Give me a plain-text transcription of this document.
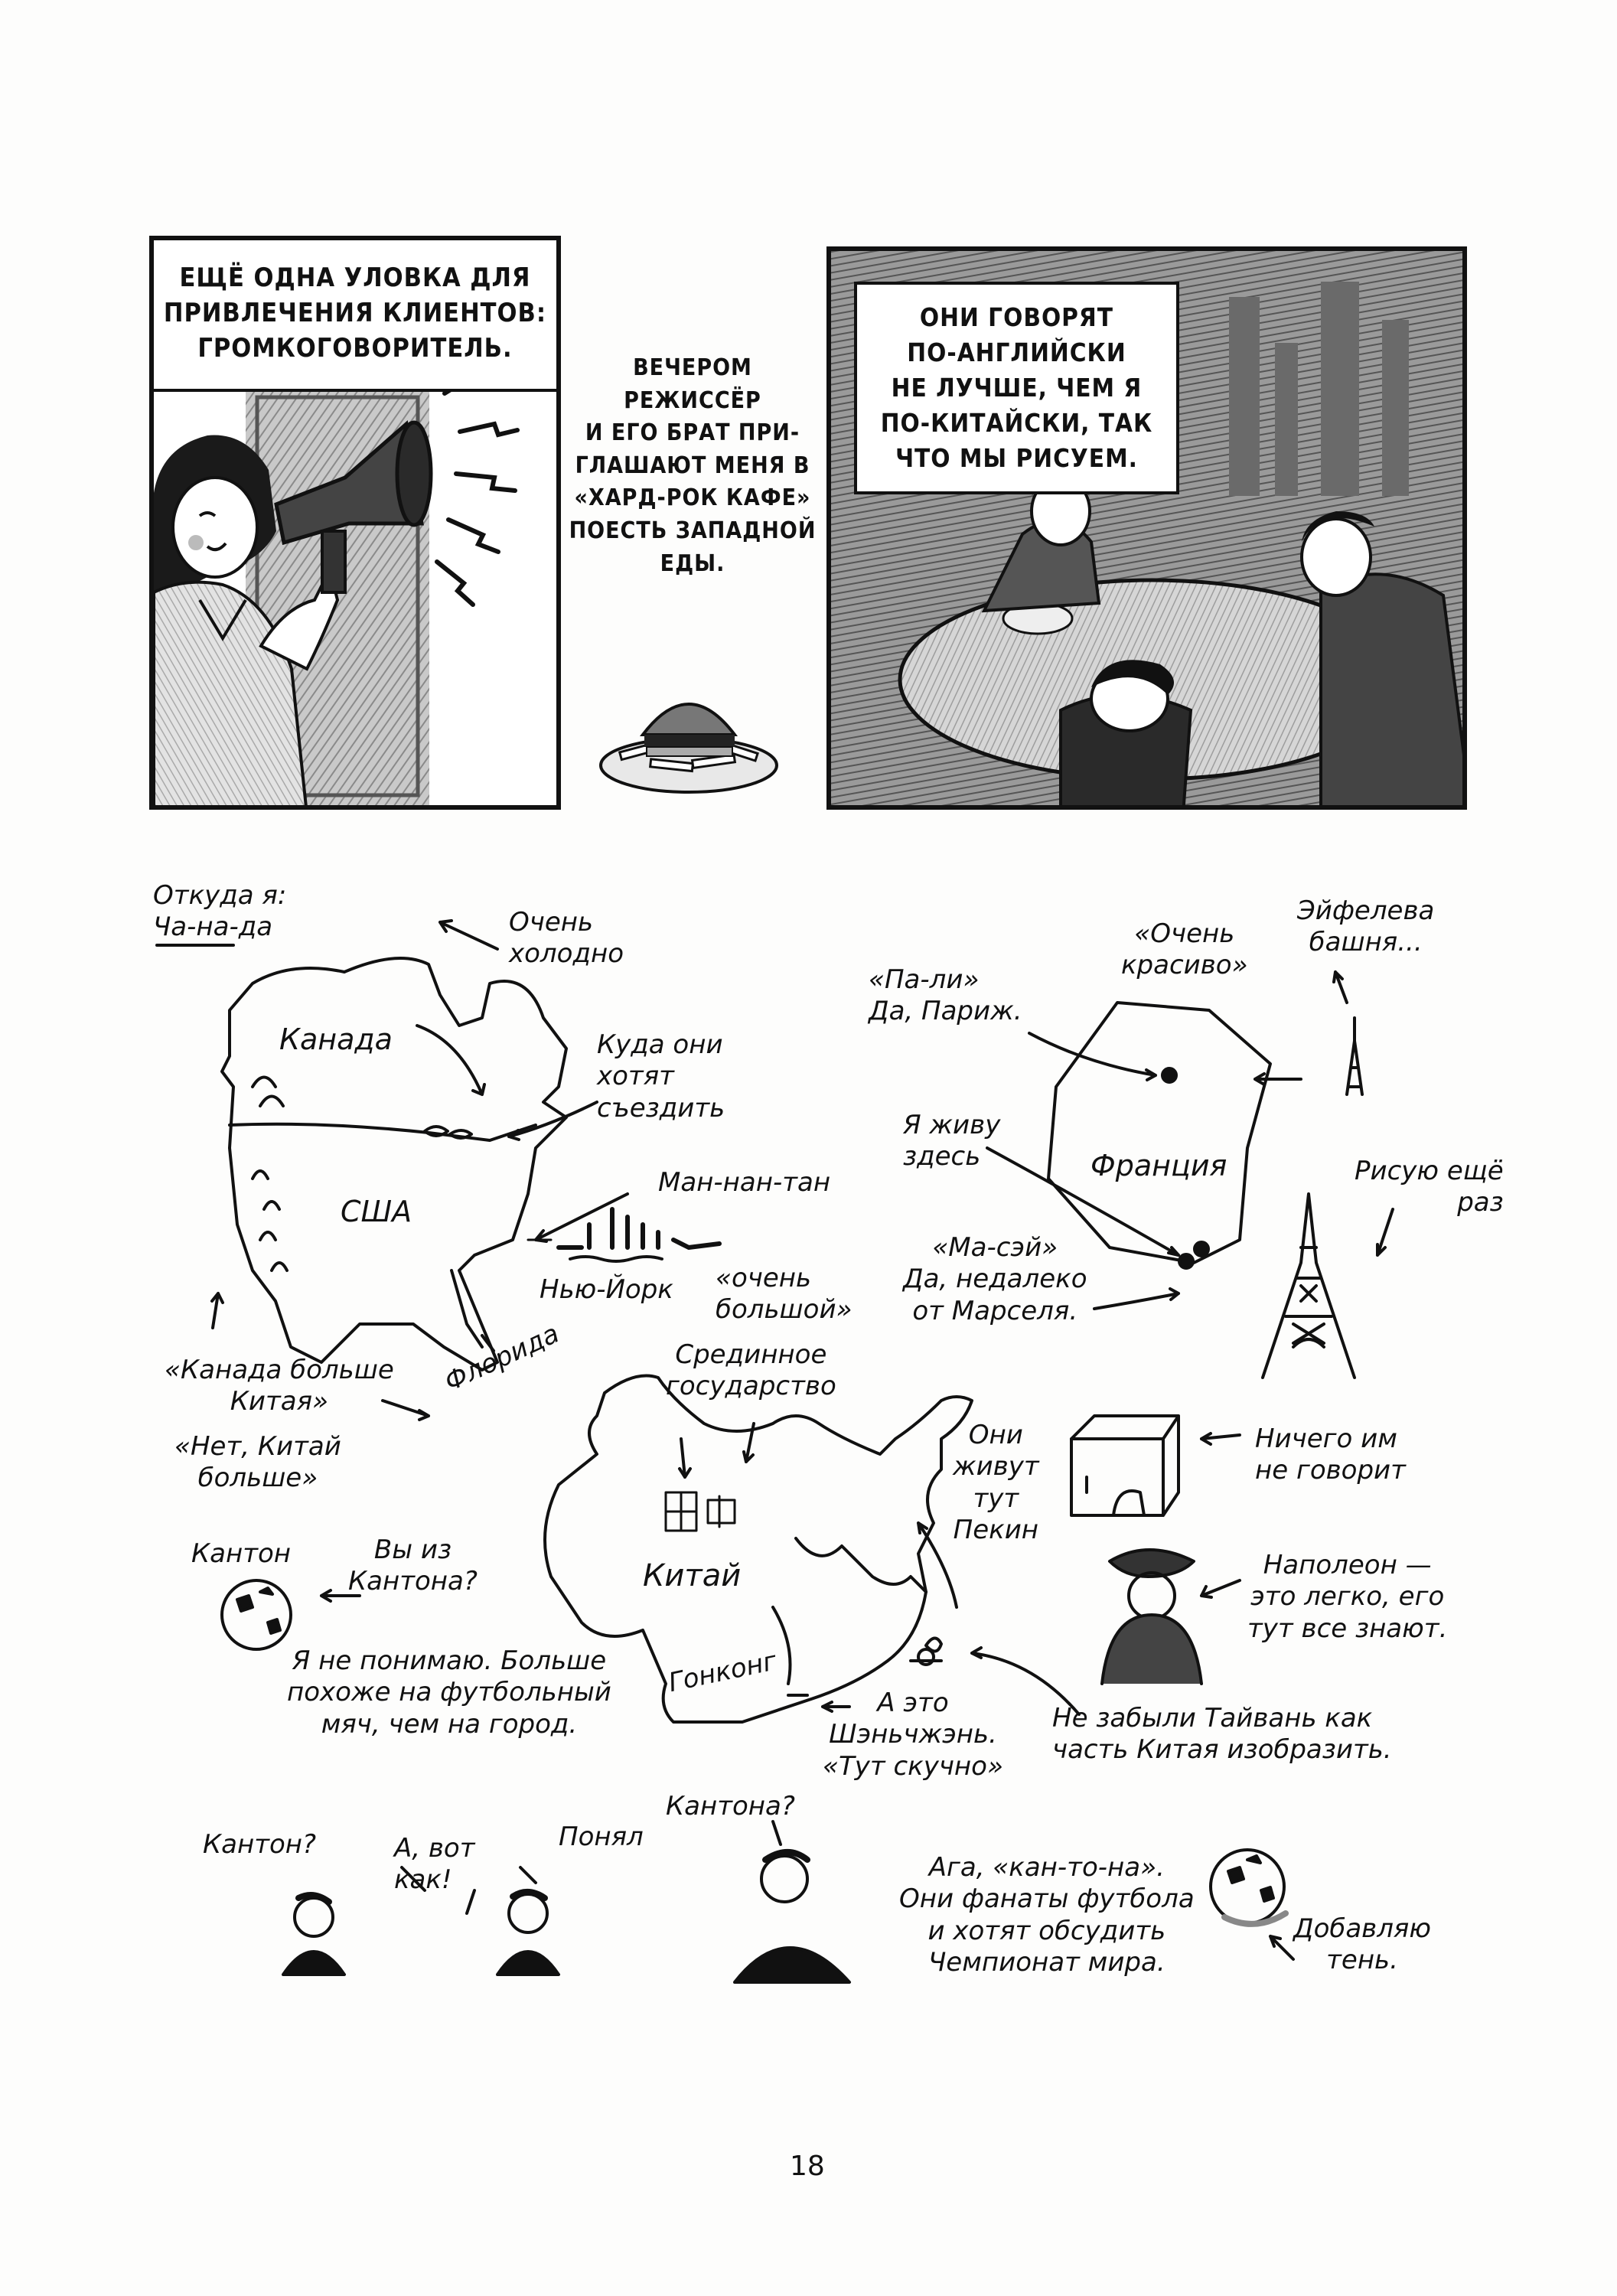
ЕЩЁ ОДНА УЛОВКА ДЛЯ
ПРИВЛЕЧЕНИЯ КЛИЕНТОВ:
ГРОМКОГОВОРИТЕЛЬ.
ВЕЧЕРОМ РЕЖИССЁР
И ЕГО БРАТ ПРИ-
ГЛАШАЮТ МЕНЯ В
«ХАРД-РОК КАФЕ»
ПОЕСТЬ ЗАПАДНОЙ
ЕДЫ.
ОНИ ГОВОРЯТ
ПО-АНГЛИЙСКИ
НЕ ЛУЧШЕ, ЧЕМ Я
ПО-КИТАЙСКИ, ТАК
ЧТО МЫ РИСУЕМ.
Откуда я:
Ча-на-да	Очень
холодно
Канада	Куда они
хотят
съездить
США
Ман-нан-тан
Нью-Йорк «очень
большой»
Флорида
«Канада больше
Китая»
«Нет, Китай
больше»
Срединное
государство
Китай
Они
живут
тут
Пекин
Кантон	Вы из
Кантона?
Я не понимаю. Больше
похоже на футбольный
мяч, чем на город.
Гонконг
А это
Шэньчжэнь.
«Тут скучно»
Не забыли Тайвань как
часть Китая изобразить.
«Очень
красиво»
«Па-ли»
Да, Париж.
Эйфелева
башня...
Я живу
здесь	Франция	Рисую ещё
раз
«Ма-сэй»
Да, недалеко
от Марселя.
Ничего им
не говорит
Наполеон —
это легко, его
тут все знают.
Кантон?	А, вот
как!
Понял
Кантона?
Ага, «кан-то-на».
Они фанаты футбола
и хотят обсудить
Чемпионат мира.
Добавляю
тень.
18
